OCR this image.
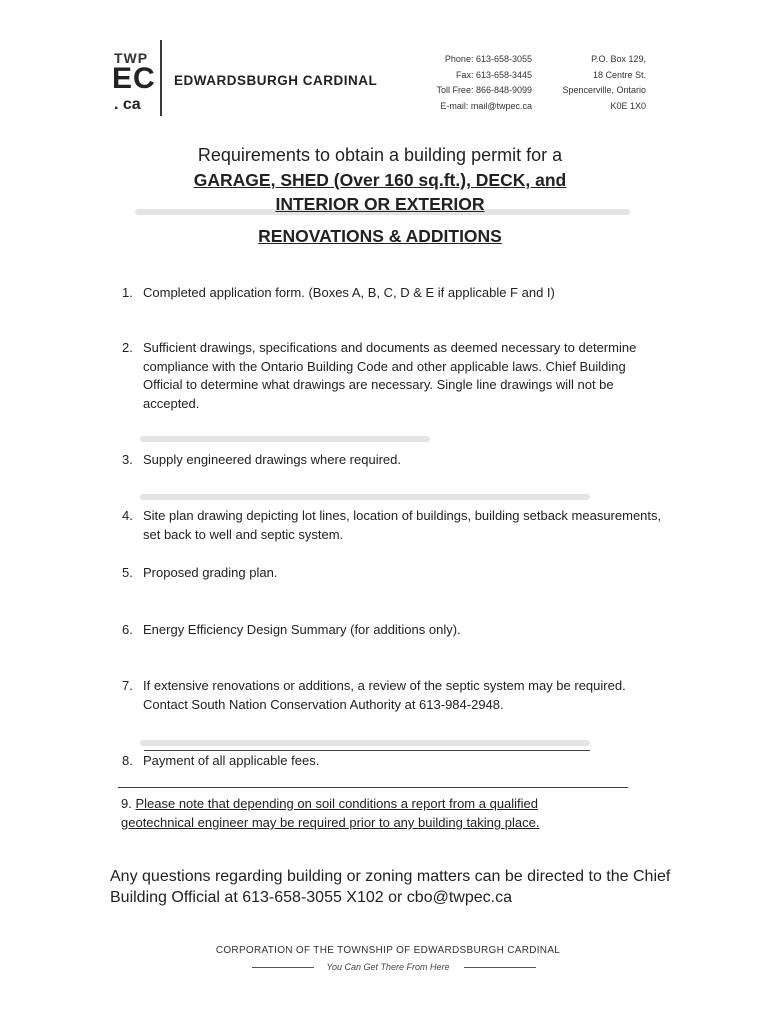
TWP
EC
. ca
EDWARDSBURGH CARDINAL
Phone: 613-658-3055
Fax: 613-658-3445
Toll Free: 866-848-9099
E-mail: mail@twpec.ca
P.O. Box 129,
18 Centre St.
Spencerville, Ontario
K0E 1X0
Requirements to obtain a building permit for a
GARAGE, SHED (Over 160 sq.ft.), DECK, and
INTERIOR OR EXTERIOR
RENOVATIONS & ADDITIONS
1. Completed application form. (Boxes A, B, C, D & E if applicable F and I)
2. Sufficient drawings, specifications and documents as deemed necessary to determine compliance with the Ontario Building Code and other applicable laws. Chief Building Official to determine what drawings are necessary. Single line drawings will not be accepted.
3. Supply engineered drawings where required.
4. Site plan drawing depicting lot lines, location of buildings, building setback measurements, set back to well and septic system.
5. Proposed grading plan.
6. Energy Efficiency Design Summary (for additions only).
7. If extensive renovations or additions, a review of the septic system may be required. Contact South Nation Conservation Authority at 613-984-2948.
8. Payment of all applicable fees.
9. Please note that depending on soil conditions a report from a qualified geotechnical engineer may be required prior to any building taking place.
Any questions regarding building or zoning matters can be directed to the Chief Building Official at 613-658-3055 X102 or cbo@twpec.ca
CORPORATION OF THE TOWNSHIP OF EDWARDSBURGH CARDINAL
You Can Get There From Here
